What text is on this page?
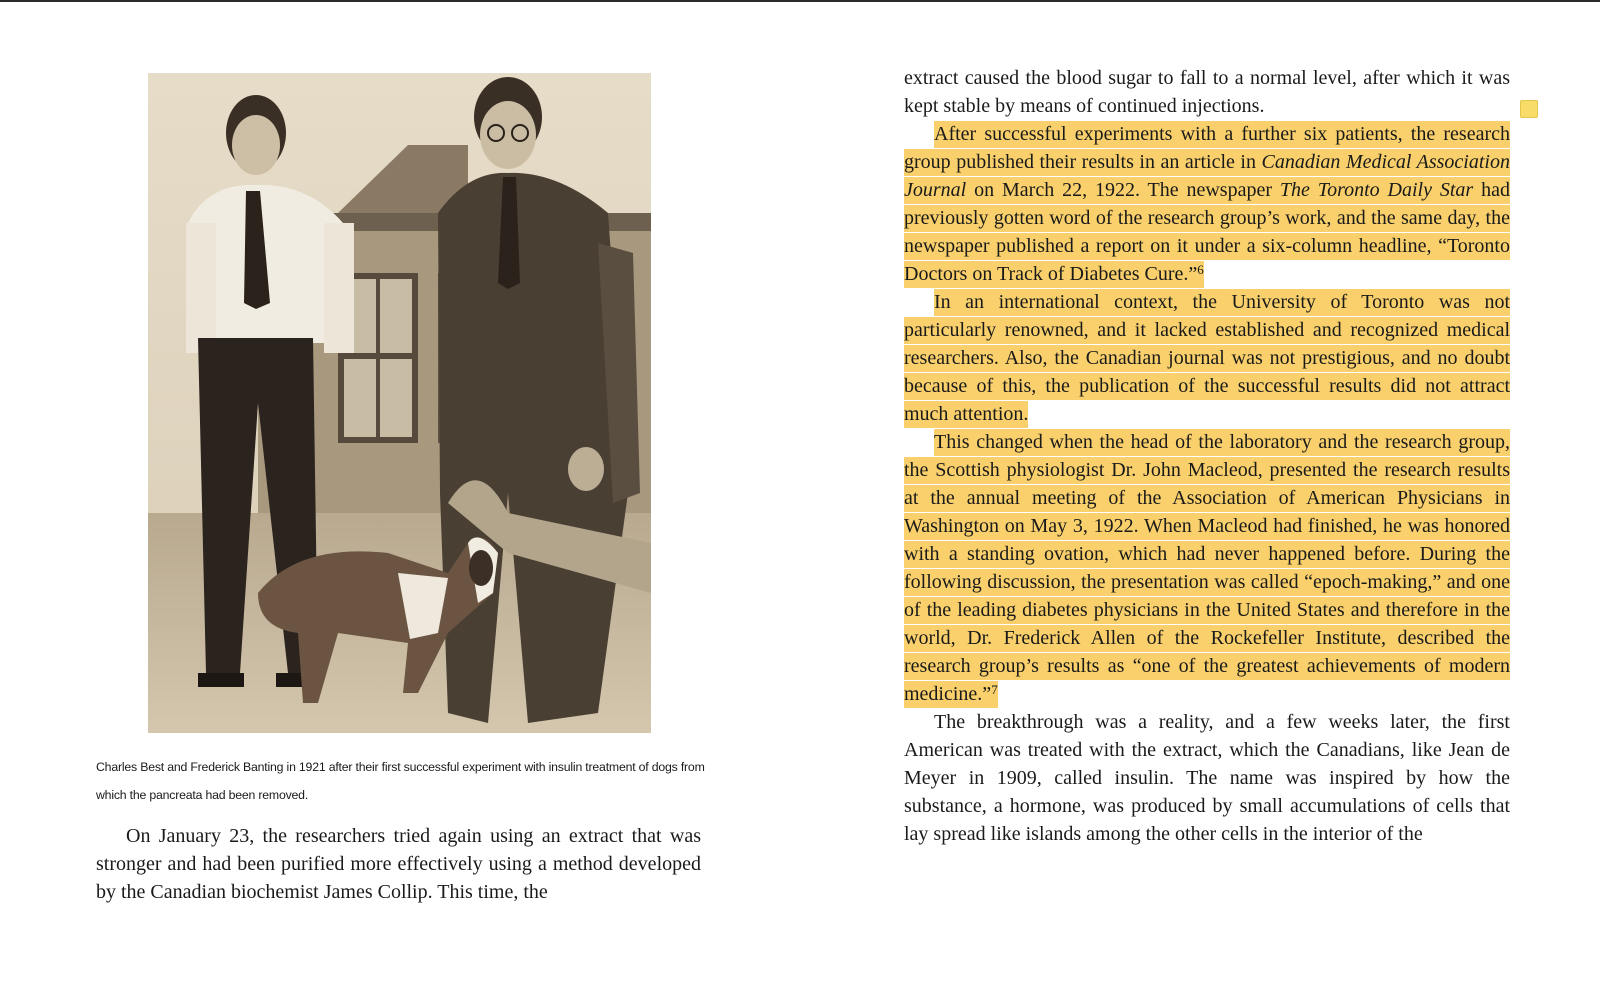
Charles Best and Frederick Banting in 1921 after their first successful experiment with insulin treatment of dogs from which the pancreata had been removed.

On January 23, the researchers tried again using an extract that was stronger and had been purified more effectively using a method developed by the Canadian biochemist James Collip. This time, the

extract caused the blood sugar to fall to a normal level, after which it was kept stable by means of continued injections.

After successful experiments with a further six patients, the research group published their results in an article in Canadian Medical Association Journal on March 22, 1922. The newspaper The Toronto Daily Star had previously gotten word of the research group’s work, and the same day, the newspaper published a report on it under a six-column headline, “Toronto Doctors on Track of Diabetes Cure.”$^6$

In an international context, the University of Toronto was not particularly renowned, and it lacked established and recognized medical researchers. Also, the Canadian journal was not prestigious, and no doubt because of this, the publication of the successful results did not attract much attention.

This changed when the head of the laboratory and the research group, the Scottish physiologist Dr. John Macleod, presented the research results at the annual meeting of the Association of American Physicians in Washington on May 3, 1922. When Macleod had finished, he was honored with a standing ovation, which had never happened before. During the following discussion, the presentation was called “epoch-making,” and one of the leading diabetes physicians in the United States and therefore in the world, Dr. Frederick Allen of the Rockefeller Institute, described the research group’s results as “one of the greatest achievements of modern medicine.”$^7$

The breakthrough was a reality, and a few weeks later, the first American was treated with the extract, which the Canadians, like Jean de Meyer in 1909, called insulin. The name was inspired by how the substance, a hormone, was produced by small accumulations of cells that lay spread like islands among the other cells in the interior of the
